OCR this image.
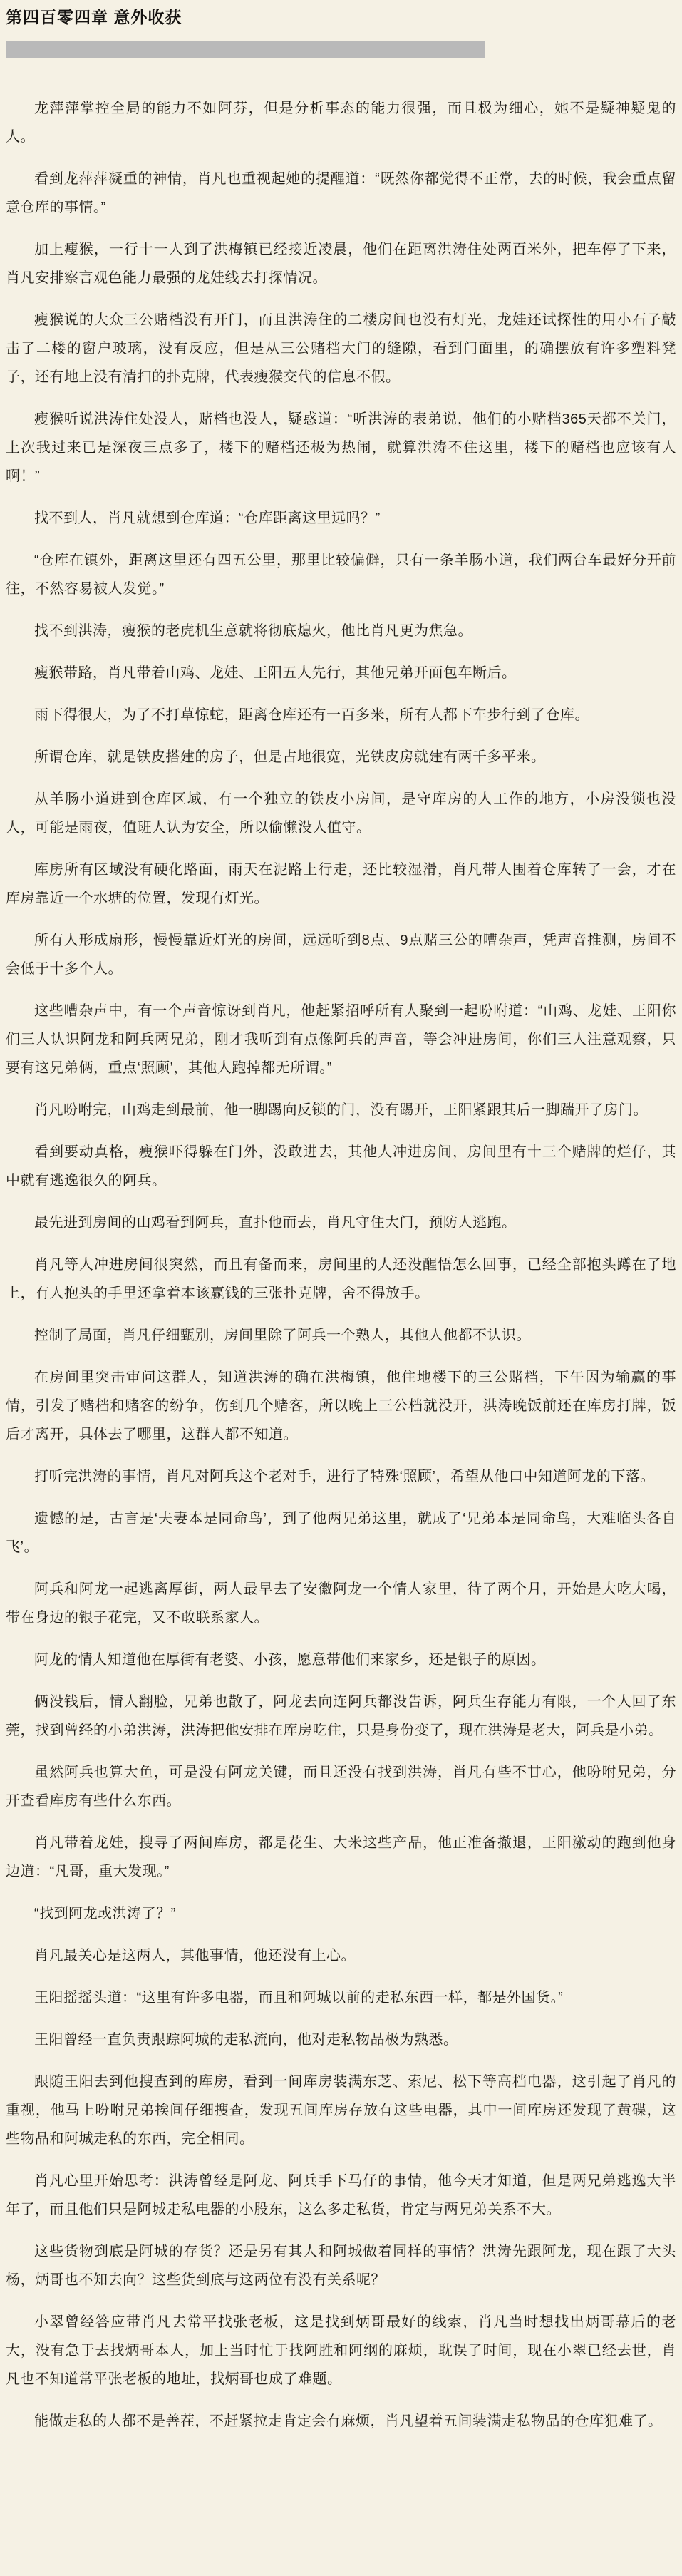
第四百零四章 意外收获

龙萍萍掌控全局的能力不如阿芬，但是分析事态的能力很强，而且极为细心，她不是疑神疑鬼的人。

看到龙萍萍凝重的神情，肖凡也重视起她的提醒道：“既然你都觉得不正常，去的时候，我会重点留意仓库的事情。”

加上瘦猴，一行十一人到了洪梅镇已经接近凌晨，他们在距离洪涛住处两百米外，把车停了下来，肖凡安排察言观色能力最强的龙娃线去打探情况。

瘦猴说的大众三公赌档没有开门，而且洪涛住的二楼房间也没有灯光，龙娃还试探性的用小石子敲击了二楼的窗户玻璃，没有反应，但是从三公赌档大门的缝隙，看到门面里，的确摆放有许多塑料凳子，还有地上没有清扫的扑克牌，代表瘦猴交代的信息不假。

瘦猴听说洪涛住处没人，赌档也没人，疑惑道：“听洪涛的表弟说，他们的小赌档365天都不关门，上次我过来已是深夜三点多了，楼下的赌档还极为热闹，就算洪涛不住这里，楼下的赌档也应该有人啊！”

找不到人，肖凡就想到仓库道：“仓库距离这里远吗？”

“仓库在镇外，距离这里还有四五公里，那里比较偏僻，只有一条羊肠小道，我们两台车最好分开前往，不然容易被人发觉。”

找不到洪涛，瘦猴的老虎机生意就将彻底熄火，他比肖凡更为焦急。

瘦猴带路，肖凡带着山鸡、龙娃、王阳五人先行，其他兄弟开面包车断后。

雨下得很大，为了不打草惊蛇，距离仓库还有一百多米，所有人都下车步行到了仓库。

所谓仓库，就是铁皮搭建的房子，但是占地很宽，光铁皮房就建有两千多平米。

从羊肠小道进到仓库区域，有一个独立的铁皮小房间，是守库房的人工作的地方，小房没锁也没人，可能是雨夜，值班人认为安全，所以偷懒没人值守。

库房所有区域没有硬化路面，雨天在泥路上行走，还比较湿滑，肖凡带人围着仓库转了一会，才在库房靠近一个水塘的位置，发现有灯光。

所有人形成扇形，慢慢靠近灯光的房间，远远听到8点、9点赌三公的嘈杂声，凭声音推测，房间不会低于十多个人。

这些嘈杂声中，有一个声音惊讶到肖凡，他赶紧招呼所有人聚到一起吩咐道：“山鸡、龙娃、王阳你们三人认识阿龙和阿兵两兄弟，刚才我听到有点像阿兵的声音，等会冲进房间，你们三人注意观察，只要有这兄弟俩，重点‘照顾’，其他人跑掉都无所谓。”

肖凡吩咐完，山鸡走到最前，他一脚踢向反锁的门，没有踢开，王阳紧跟其后一脚踹开了房门。

看到要动真格，瘦猴吓得躲在门外，没敢进去，其他人冲进房间，房间里有十三个赌牌的烂仔，其中就有逃逸很久的阿兵。

最先进到房间的山鸡看到阿兵，直扑他而去，肖凡守住大门，预防人逃跑。

肖凡等人冲进房间很突然，而且有备而来，房间里的人还没醒悟怎么回事，已经全部抱头蹲在了地上，有人抱头的手里还拿着本该赢钱的三张扑克牌，舍不得放手。

控制了局面，肖凡仔细甄别，房间里除了阿兵一个熟人，其他人他都不认识。

在房间里突击审问这群人，知道洪涛的确在洪梅镇，他住地楼下的三公赌档，下午因为输赢的事情，引发了赌档和赌客的纷争，伤到几个赌客，所以晚上三公档就没开，洪涛晚饭前还在库房打牌，饭后才离开，具体去了哪里，这群人都不知道。

打听完洪涛的事情，肖凡对阿兵这个老对手，进行了特殊‘照顾’，希望从他口中知道阿龙的下落。

遗憾的是，古言是‘夫妻本是同命鸟’，到了他两兄弟这里，就成了‘兄弟本是同命鸟，大难临头各自飞’。

阿兵和阿龙一起逃离厚街，两人最早去了安徽阿龙一个情人家里，待了两个月，开始是大吃大喝，带在身边的银子花完，又不敢联系家人。

阿龙的情人知道他在厚街有老婆、小孩，愿意带他们来家乡，还是银子的原因。

俩没钱后，情人翻脸，兄弟也散了，阿龙去向连阿兵都没告诉，阿兵生存能力有限，一个人回了东莞，找到曾经的小弟洪涛，洪涛把他安排在库房吃住，只是身份变了，现在洪涛是老大，阿兵是小弟。

虽然阿兵也算大鱼，可是没有阿龙关键，而且还没有找到洪涛，肖凡有些不甘心，他吩咐兄弟，分开查看库房有些什么东西。

肖凡带着龙娃，搜寻了两间库房，都是花生、大米这些产品，他正准备撤退，王阳激动的跑到他身边道：“凡哥，重大发现。”

“找到阿龙或洪涛了？”

肖凡最关心是这两人，其他事情，他还没有上心。

王阳摇摇头道：“这里有许多电器，而且和阿城以前的走私东西一样，都是外国货。”

王阳曾经一直负责跟踪阿城的走私流向，他对走私物品极为熟悉。

跟随王阳去到他搜查到的库房，看到一间库房装满东芝、索尼、松下等高档电器，这引起了肖凡的重视，他马上吩咐兄弟挨间仔细搜查，发现五间库房存放有这些电器，其中一间库房还发现了黄碟，这些物品和阿城走私的东西，完全相同。

肖凡心里开始思考：洪涛曾经是阿龙、阿兵手下马仔的事情，他今天才知道，但是两兄弟逃逸大半年了，而且他们只是阿城走私电器的小股东，这么多走私货，肯定与两兄弟关系不大。

这些货物到底是阿城的存货？还是另有其人和阿城做着同样的事情？洪涛先跟阿龙，现在跟了大头杨，炳哥也不知去向？这些货到底与这两位有没有关系呢？

小翠曾经答应带肖凡去常平找张老板，这是找到炳哥最好的线索，肖凡当时想找出炳哥幕后的老大，没有急于去找炳哥本人，加上当时忙于找阿胜和阿纲的麻烦，耽误了时间，现在小翠已经去世，肖凡也不知道常平张老板的地址，找炳哥也成了难题。

能做走私的人都不是善茬，不赶紧拉走肯定会有麻烦，肖凡望着五间装满走私物品的仓库犯难了。
